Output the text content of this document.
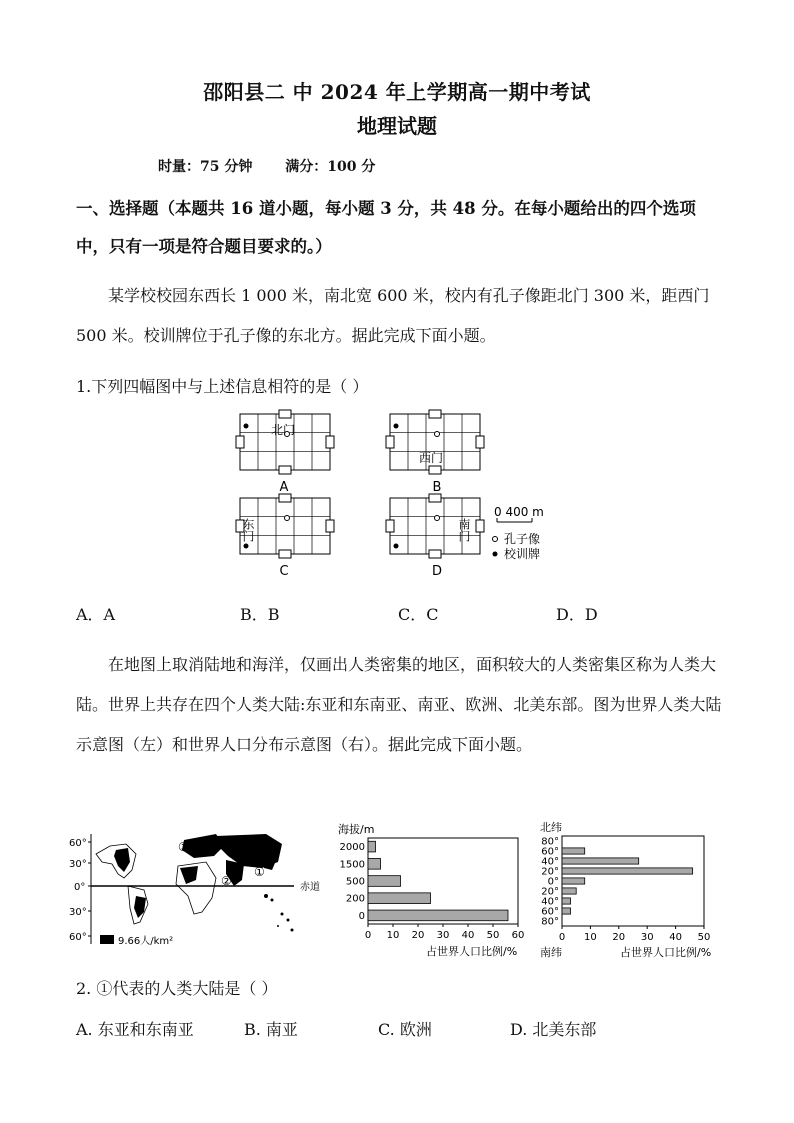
邵阳县二 中 2024 年上学期高一期中考试
地理试题
时量：75 分钟 满分：100 分
一、选择题（本题共 16 道小题，每小题 3 分，共 48 分。在每小题给出的四个选项中，只有一项是符合题目要求的。）
某学校校园东西长 1 000 米，南北宽 600 米，校内有孔子像距北门 300 米，距西门 500 米。校训牌位于孔子像的东北方。据此完成下面小题。
1.下列四幅图中与上述信息相符的是（ ）
A	B
C	D
北门
西门
东门	南门
0 400 m
孔子像
校训牌
A．A	B．B	C．C	D．D
在地图上取消陆地和海洋，仅画出人类密集的地区，面积较大的人类密集区称为人类大陆。世界上共存在四个人类大陆:东亚和东南亚、南亚、欧洲、北美东部。图为世界人类大陆示意图（左）和世界人口分布示意图（右）。据此完成下面小题。
60°
30°
0°
30°
60°
赤道
①
②
③
④
9.66人/km²
海拔/m
2000
1500
500
200
0
0 10 20 30 40 50 60
占世界人口比例/%
北纬
80°
60°
40°
20°
0°
20°
40°
60°
80°
0 10 20 30 40 50
南纬	占世界人口比例/%
2. ①代表的人类大陆是（ ）
A. 东亚和东南亚	B. 南亚	C. 欧洲	D. 北美东部
